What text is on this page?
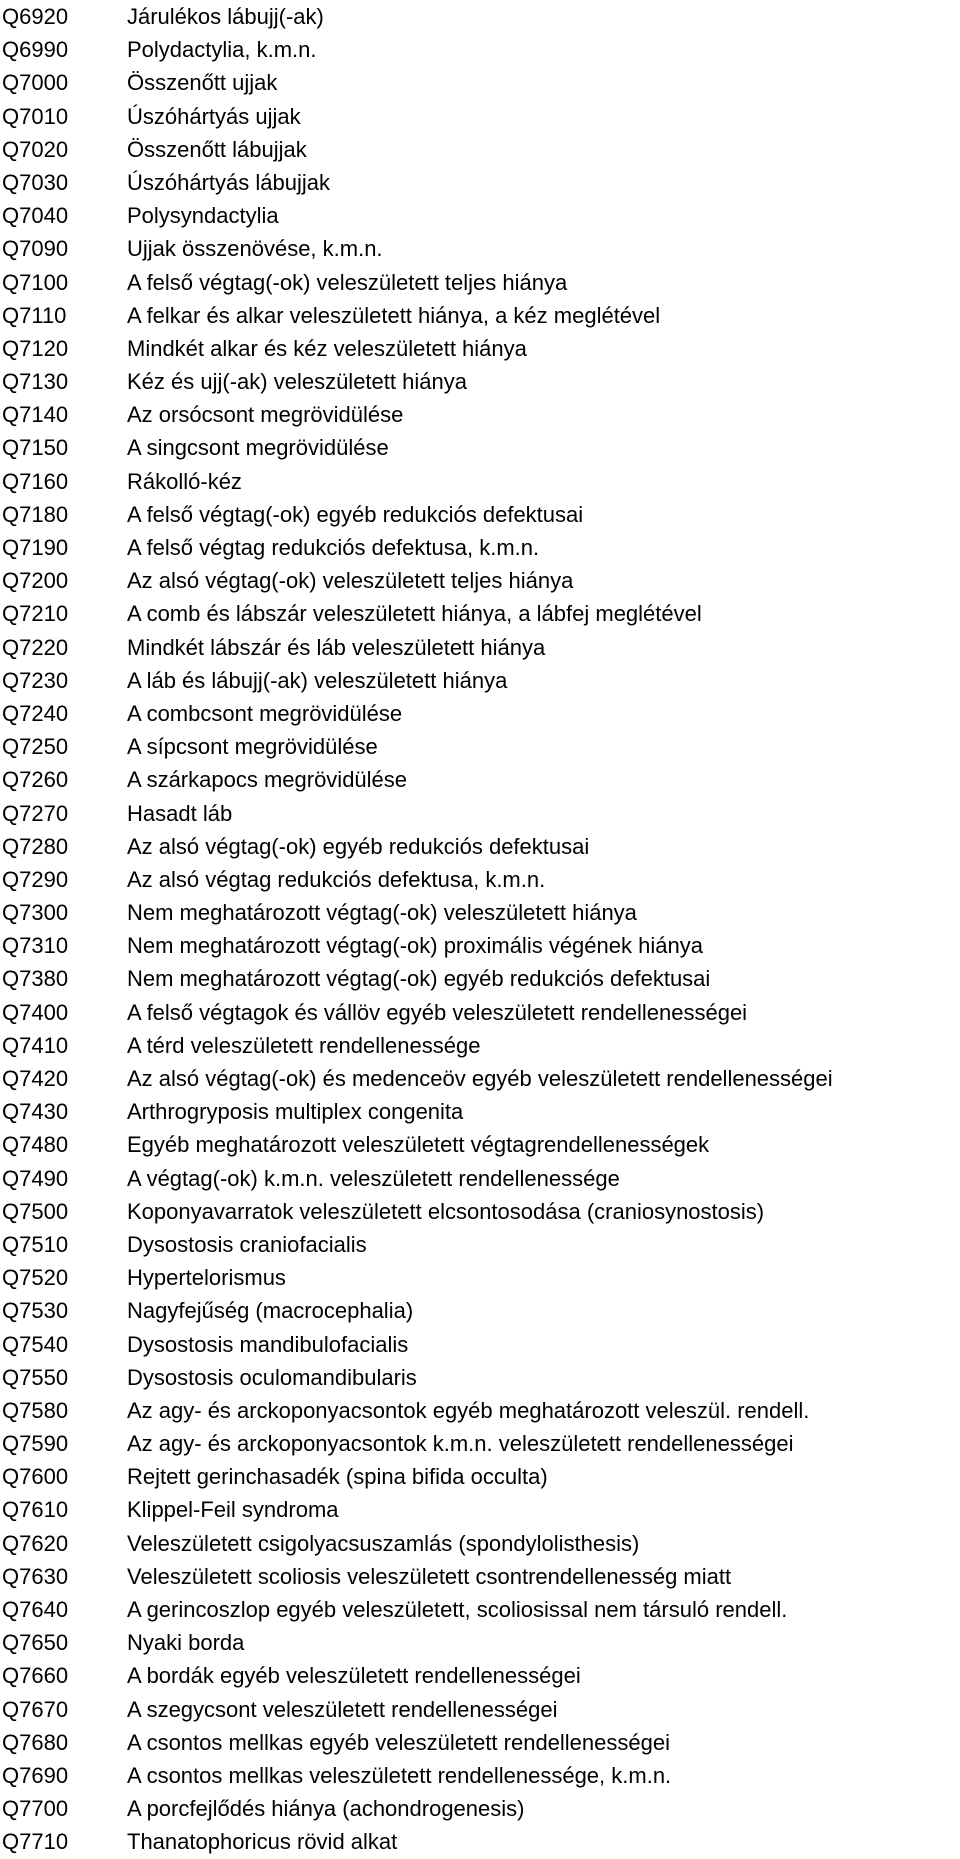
Q6920	Járulékos lábujj(-ak)
Q6990	Polydactylia, k.m.n.
Q7000	Összenőtt ujjak
Q7010	Úszóhártyás ujjak
Q7020	Összenőtt lábujjak
Q7030	Úszóhártyás lábujjak
Q7040	Polysyndactylia
Q7090	Ujjak összenövése, k.m.n.
Q7100	A felső végtag(-ok) veleszületett teljes hiánya
Q7110	A felkar és alkar veleszületett hiánya, a kéz meglétével
Q7120	Mindkét alkar és kéz veleszületett hiánya
Q7130	Kéz és ujj(-ak) veleszületett hiánya
Q7140	Az orsócsont megrövidülése
Q7150	A singcsont megrövidülése
Q7160	Rákolló-kéz
Q7180	A felső végtag(-ok) egyéb redukciós defektusai
Q7190	A felső végtag redukciós defektusa, k.m.n.
Q7200	Az alsó végtag(-ok) veleszületett teljes hiánya
Q7210	A comb és lábszár veleszületett hiánya, a lábfej meglétével
Q7220	Mindkét lábszár és láb veleszületett hiánya
Q7230	A láb és lábujj(-ak) veleszületett hiánya
Q7240	A combcsont megrövidülése
Q7250	A sípcsont megrövidülése
Q7260	A szárkapocs megrövidülése
Q7270	Hasadt láb
Q7280	Az alsó végtag(-ok) egyéb redukciós defektusai
Q7290	Az alsó végtag redukciós defektusa, k.m.n.
Q7300	Nem meghatározott végtag(-ok) veleszületett hiánya
Q7310	Nem meghatározott végtag(-ok) proximális végének hiánya
Q7380	Nem meghatározott végtag(-ok) egyéb redukciós defektusai
Q7400	A felső végtagok és vállöv egyéb veleszületett rendellenességei
Q7410	A térd veleszületett rendellenessége
Q7420	Az alsó végtag(-ok) és medenceöv egyéb veleszületett rendellenességei
Q7430	Arthrogryposis multiplex congenita
Q7480	Egyéb meghatározott veleszületett végtagrendellenességek
Q7490	A végtag(-ok) k.m.n. veleszületett rendellenessége
Q7500	Koponyavarratok veleszületett elcsontosodása (craniosynostosis)
Q7510	Dysostosis craniofacialis
Q7520	Hypertelorismus
Q7530	Nagyfejűség (macrocephalia)
Q7540	Dysostosis mandibulofacialis
Q7550	Dysostosis oculomandibularis
Q7580	Az agy- és arckoponyacsontok egyéb meghatározott veleszül. rendell.
Q7590	Az agy- és arckoponyacsontok k.m.n. veleszületett rendellenességei
Q7600	Rejtett gerinchasadék (spina bifida occulta)
Q7610	Klippel-Feil syndroma
Q7620	Veleszületett csigolyacsuszamlás (spondylolisthesis)
Q7630	Veleszületett scoliosis veleszületett csontrendellenesség miatt
Q7640	A gerincoszlop egyéb veleszületett, scoliosissal nem társuló rendell.
Q7650	Nyaki borda
Q7660	A bordák egyéb veleszületett rendellenességei
Q7670	A szegycsont veleszületett rendellenességei
Q7680	A csontos mellkas egyéb veleszületett rendellenességei
Q7690	A csontos mellkas veleszületett rendellenessége, k.m.n.
Q7700	A porcfejlődés hiánya (achondrogenesis)
Q7710	Thanatophoricus rövid alkat
